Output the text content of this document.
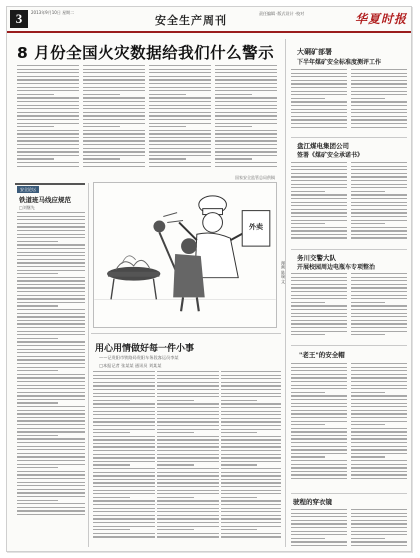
3	2013年9月10日 星期二
安全生产周刊
责任编辑 ·版式设计 ·校对	华夏时报
8 月份全国火灾数据给我们什么警示
国家安全监管总局供稿
大硐矿部署
下半年煤矿安全标准度测评工作
盘江煤电集团公司
签署《煤矿安全承诺书》
务川交警大队
开展校园周边电瓶车专项整治
"老王"的安全帽
驶程的穿衣镜
安全论坛
铁道班马线应规范
□刘继先
外卖
漫画 陈瑞 文
用心用情做好每一件小事
——记贵阳市铁路局贵阳车务段客运员李某
□本报记者 张某某 通讯员 刘某某
